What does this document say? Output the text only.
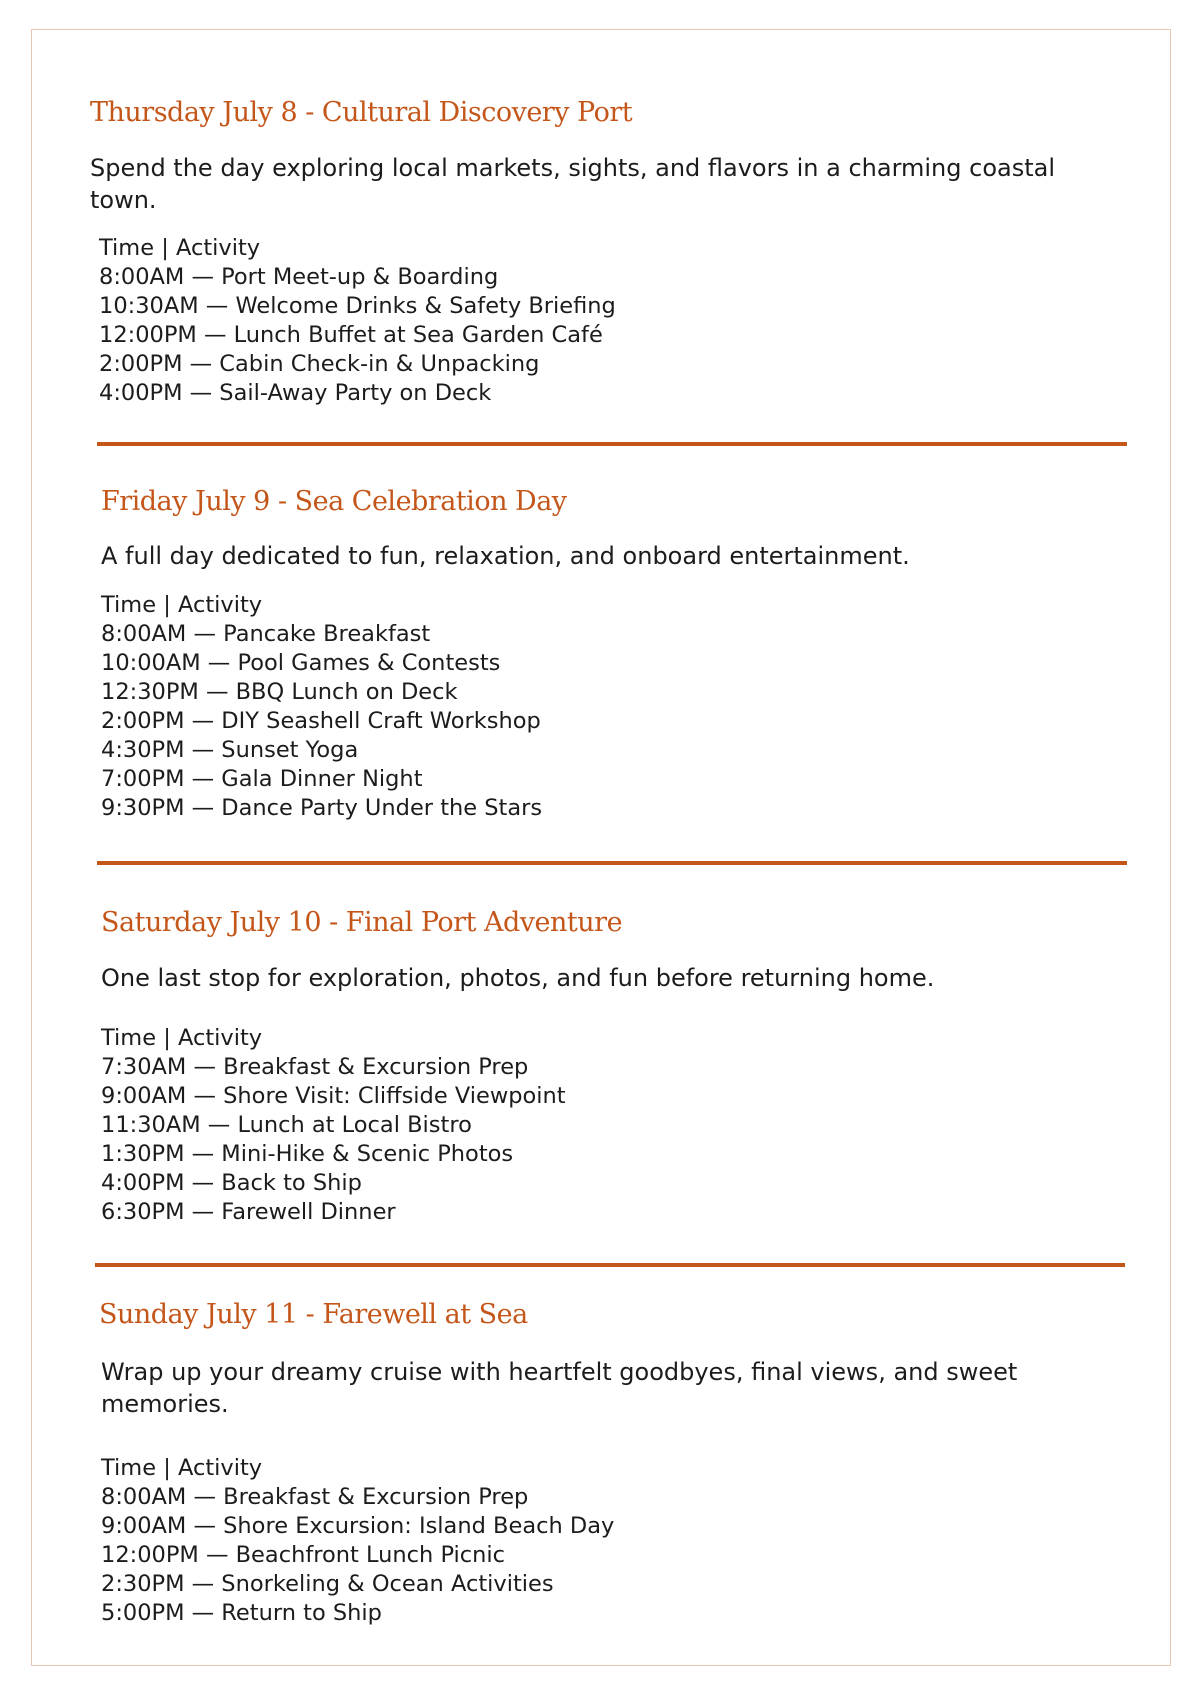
Thursday July 8 - Cultural Discovery Port

Spend the day exploring local markets, sights, and flavors in a charming coastal town.

Time | Activity
8:00AM — Port Meet-up & Boarding
10:30AM — Welcome Drinks & Safety Briefing
12:00PM — Lunch Buffet at Sea Garden Café
2:00PM — Cabin Check-in & Unpacking
4:00PM — Sail-Away Party on Deck
Friday July 9 - Sea Celebration Day

A full day dedicated to fun, relaxation, and onboard entertainment.

Time | Activity
8:00AM — Pancake Breakfast
10:00AM — Pool Games & Contests
12:30PM — BBQ Lunch on Deck
2:00PM — DIY Seashell Craft Workshop
4:30PM — Sunset Yoga
7:00PM — Gala Dinner Night
9:30PM — Dance Party Under the Stars
Saturday July 10 - Final Port Adventure

One last stop for exploration, photos, and fun before returning home.

Time | Activity
7:30AM — Breakfast & Excursion Prep
9:00AM — Shore Visit: Cliffside Viewpoint
11:30AM — Lunch at Local Bistro
1:30PM — Mini-Hike & Scenic Photos
4:00PM — Back to Ship
6:30PM — Farewell Dinner
Sunday July 11 - Farewell at Sea

Wrap up your dreamy cruise with heartfelt goodbyes, final views, and sweet memories.

Time | Activity
8:00AM — Breakfast & Excursion Prep
9:00AM — Shore Excursion: Island Beach Day
12:00PM — Beachfront Lunch Picnic
2:30PM — Snorkeling & Ocean Activities
5:00PM — Return to Ship
